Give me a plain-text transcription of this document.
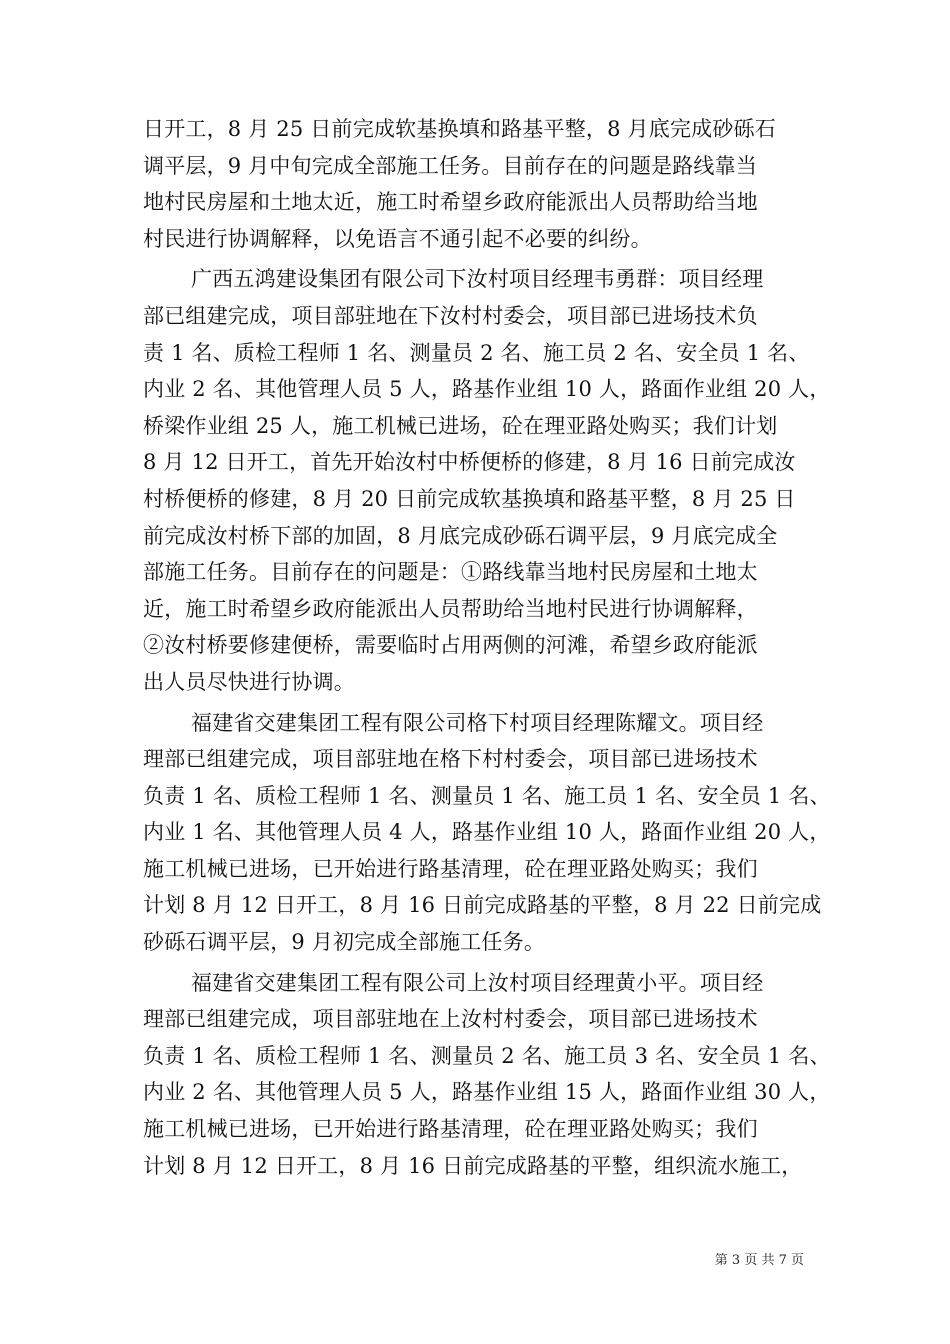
日开工，8 月 25 日前完成软基换填和路基平整，8 月底完成砂砾石
调平层，9 月中旬完成全部施工任务。目前存在的问题是路线靠当
地村民房屋和土地太近，施工时希望乡政府能派出人员帮助给当地
村民进行协调解释，以免语言不通引起不必要的纠纷。

广西五鸿建设集团有限公司下汝村项目经理韦勇群：项目经理
部已组建完成，项目部驻地在下汝村村委会，项目部已进场技术负
责 1 名、质检工程师 1 名、测量员 2 名、施工员 2 名、安全员 1 名、
内业 2 名、其他管理人员 5 人，路基作业组 10 人，路面作业组 20 人，
桥梁作业组 25 人，施工机械已进场，砼在理亚路处购买；我们计划
8 月 12 日开工，首先开始汝村中桥便桥的修建，8 月 16 日前完成汝
村桥便桥的修建，8 月 20 日前完成软基换填和路基平整，8 月 25 日
前完成汝村桥下部的加固，8 月底完成砂砾石调平层，9 月底完成全
部施工任务。目前存在的问题是：①路线靠当地村民房屋和土地太
近，施工时希望乡政府能派出人员帮助给当地村民进行协调解释，
②汝村桥要修建便桥，需要临时占用两侧的河滩，希望乡政府能派
出人员尽快进行协调。

福建省交建集团工程有限公司格下村项目经理陈耀文。项目经
理部已组建完成，项目部驻地在格下村村委会，项目部已进场技术
负责 1 名、质检工程师 1 名、测量员 1 名、施工员 1 名、安全员 1 名、
内业 1 名、其他管理人员 4 人，路基作业组 10 人，路面作业组 20 人，
施工机械已进场，已开始进行路基清理，砼在理亚路处购买；我们
计划 8 月 12 日开工，8 月 16 日前完成路基的平整，8 月 22 日前完成
砂砾石调平层，9 月初完成全部施工任务。

福建省交建集团工程有限公司上汝村项目经理黄小平。项目经
理部已组建完成，项目部驻地在上汝村村委会，项目部已进场技术
负责 1 名、质检工程师 1 名、测量员 2 名、施工员 3 名、安全员 1 名、
内业 2 名、其他管理人员 5 人，路基作业组 15 人，路面作业组 30 人，
施工机械已进场，已开始进行路基清理，砼在理亚路处购买；我们
计划 8 月 12 日开工，8 月 16 日前完成路基的平整，组织流水施工，

第 3 页 共 7 页
